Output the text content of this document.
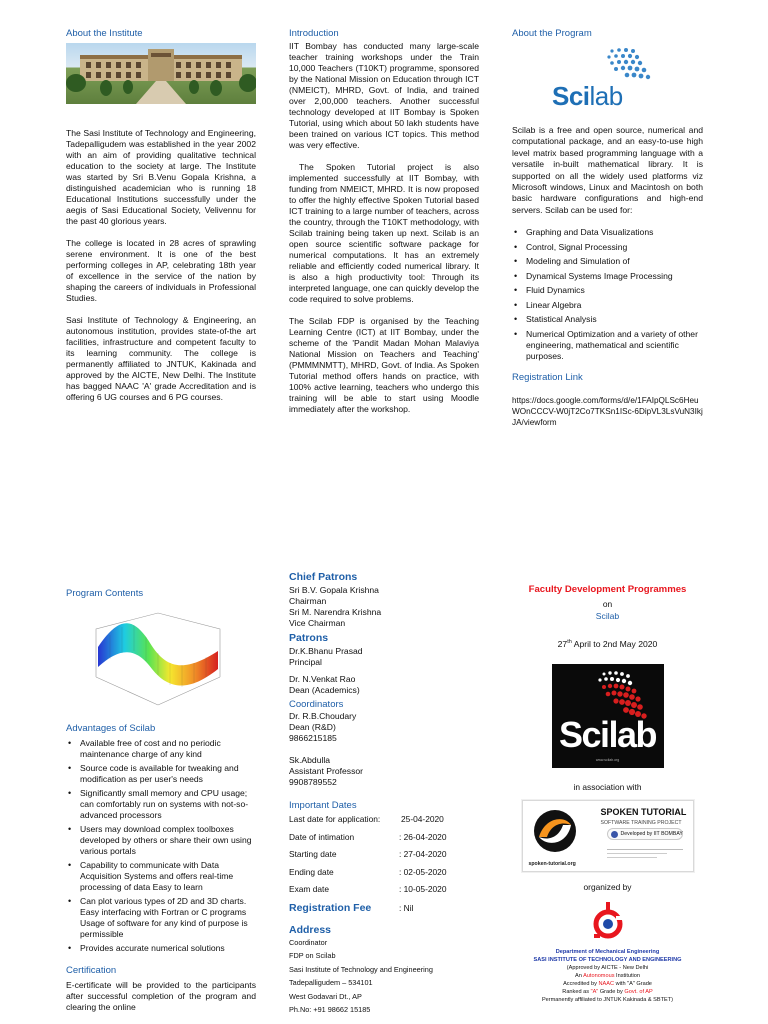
About the Institute
The Sasi Institute of Technology and Engineering, Tadepalligudem was established in the year 2002 with an aim of providing qualitative technical education to the society at large. The Institute was started by Sri B.Venu Gopala Krishna, a distinguished academician who is running 18 Educational Institutions successfully under the aegis of Sasi Educational Society, Velivennu for the past 40 glorious years.
The college is located in 28 acres of sprawling serene environment. It is one of the best performing colleges in AP, celebrating 18th year of excellence in the service of the nation by shaping the careers of individuals in Professional Studies.
Sasi Institute of Technology & Engineering, an autonomous institution, provides state-of-the art facilities, infrastructure and competent faculty to its learning community. The college is permanently affiliated to JNTUK, Kakinada and approved by the AICTE, New Delhi. The Institute has bagged NAAC 'A' grade Accreditation and is offering 6 UG courses and 6 PG courses.
Program Contents
Advantages of Scilab
• Available free of cost and no periodic maintenance charge of any kind
• Source code is available for tweaking and modification as per user's needs
• Significantly small memory and CPU usage; can comfortably run on systems with not-so-advanced processors
• Users may download complex toolboxes developed by others or share their own using various portals
• Capability to communicate with Data Acquisition Systems and offers real-time processing of data Easy to learn
• Can plot various types of 2D and 3D charts. Easy interfacing with Fortran or C programs Usage of software for any kind of purpose is permissible
• Provides accurate numerical solutions
Certification
E-certificate will be provided to the participants after successful completion of the program and clearing the online
Introduction
IIT Bombay has conducted many large-scale teacher training workshops under the Train 10,000 Teachers (T10KT) programme, sponsored by the National Mission on Education through ICT (NMEICT), MHRD, Govt. of India, and trained over 2,00,000 teachers. Another successful technology developed at IIT Bombay is Spoken Tutorial, using which about 50 lakh students have been trained on various ICT topics. This method was very effective.
The Spoken Tutorial project is also implemented successfully at IIT Bombay, with funding from NMEICT, MHRD. It is now proposed to offer the highly effective Spoken Tutorial based ICT training to a large number of teachers, across the country, through the T10KT methodology, with Scilab training being taken up next. Scilab is an open source scientific software package for numerical computations. It has an extremely reliable and efficiently coded numerical library. It is also a high productivity tool: Through its interpreted language, one can quickly develop the code required to solve problems.
The Scilab FDP is organised by the Teaching Learning Centre (ICT) at IIT Bombay, under the scheme of the 'Pandit Madan Mohan Malaviya National Mission on Teachers and Teaching' (PMMMNMTT), MHRD, Govt. of India. As Spoken Tutorial method offers hands on practice, with 100% active learning, teachers who undergo this training will be able to start using Moodle immediately after the workshop.
Chief Patrons
Sri B.V. Gopala Krishna
Chairman
Sri M. Narendra Krishna
Vice Chairman
Patrons
Dr.K.Bhanu Prasad
Principal
Dr. N.Venkat Rao
Dean (Academics)
Coordinators
Dr. R.B.Choudary
Dean (R&D)
9866215185
Sk.Abdulla
Assistant Professor
9908789552
Important Dates
Last date for application:	25-04-2020
Date of intimation	: 26-04-2020
Starting date	: 27-04-2020
Ending date	: 02-05-2020
Exam date	: 10-05-2020
Registration Fee	: Nil
Address
Coordinator
FDP on Scilab
Sasi Institute of Technology and Engineering
Tadepalligudem – 534101
West Godavari Dt., AP
Ph.No: +91 98662 15185
About the Program
Scilab
Scilab is a free and open source, numerical and computational package, and an easy-to-use high level matrix based programming language with a versatile in-built mathematical library. It is supported on all the widely used platforms viz Microsoft windows, Linux and Macintosh on both basic hardware configurations and high-end servers. Scilab can be used for:
• Graphing and Data Visualizations
• Control, Signal Processing
• Modeling and Simulation of
• Dynamical Systems Image Processing
• Fluid Dynamics
• Linear Algebra
• Statistical Analysis
• Numerical Optimization and a variety of other engineering, mathematical and scientific purposes.
Registration Link
https://docs.google.com/forms/d/e/1FAIpQLSc6HeuWOnCCCV-W0jT2Co7TKSn1ISc-6DipVL3LsVuN3IkjJA/viewform
Faculty Development Programmes
on
Scilab
27th April to 2nd May 2020
Scilab
www.scilab.org
in association with
SPOKEN TUTORIAL
SOFTWARE TRAINING PROJECT
Developed by IIT BOMBAY
spoken-tutorial.org
organized by
Department of Mechanical Engineering
SASI INSTITUTE OF TECHNOLOGY AND ENGINEERING
(Approved by AICTE - New Delhi
An Autonomous Institution
Accredited by NAAC with "A" Grade
Ranked as "A" Grade by Govt. of AP
Permanently affiliated to JNTUK Kakinada & SBTET)
